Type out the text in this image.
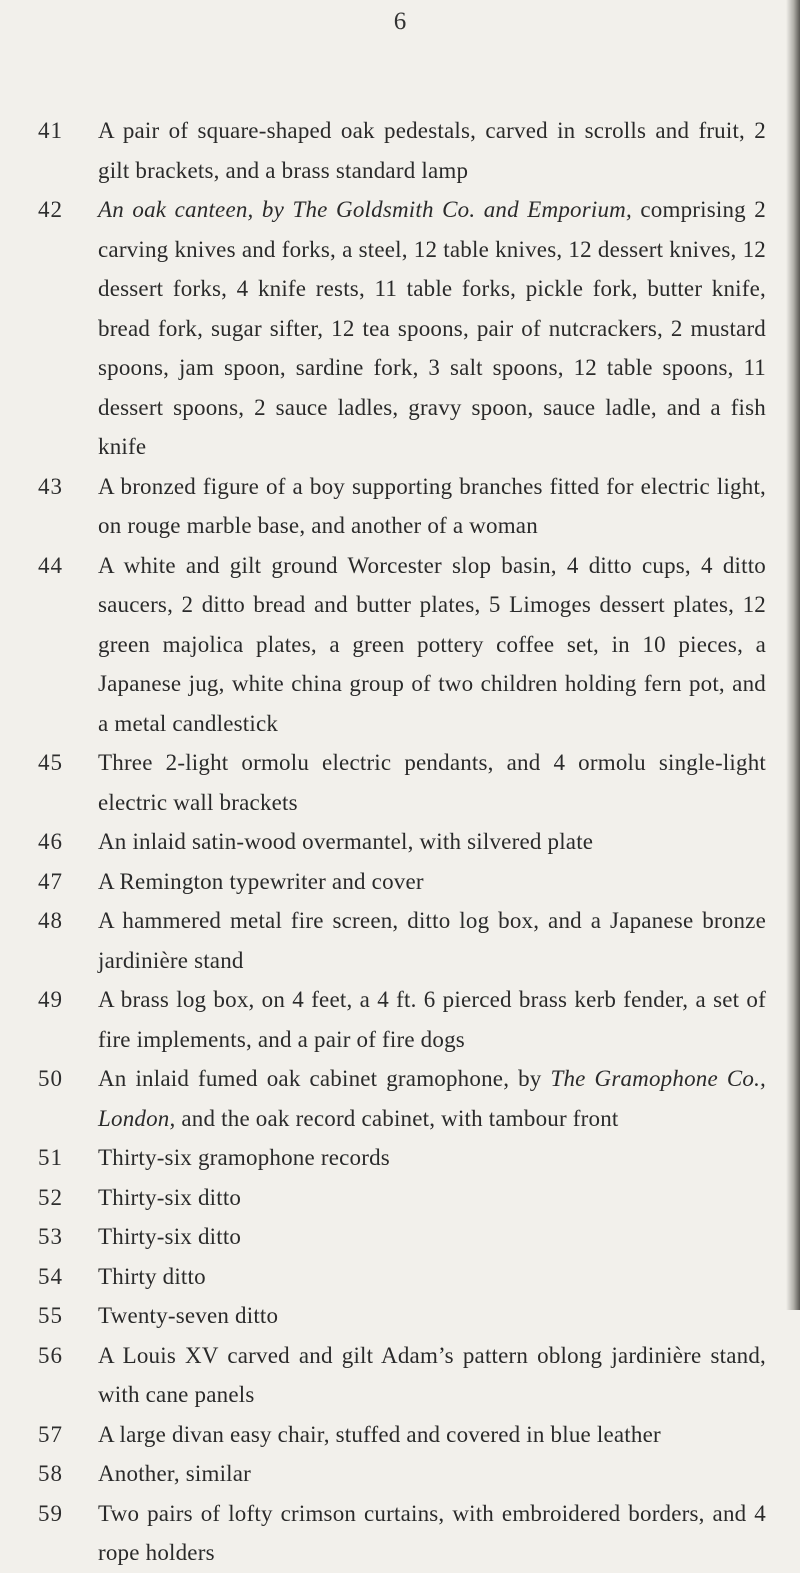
6
41	A pair of square-shaped oak pedestals, carved in scrolls and fruit, 2 gilt brackets, and a brass standard lamp
42	An oak canteen, by The Goldsmith Co. and Emporium, comprising 2 carving knives and forks, a steel, 12 table knives, 12 dessert knives, 12 dessert forks, 4 knife rests, 11 table forks, pickle fork, butter knife, bread fork, sugar sifter, 12 tea spoons, pair of nutcrackers, 2 mustard spoons, jam spoon, sardine fork, 3 salt spoons, 12 table spoons, 11 dessert spoons, 2 sauce ladles, gravy spoon, sauce ladle, and a fish knife
43	A bronzed figure of a boy supporting branches fitted for electric light, on rouge marble base, and another of a woman
44	A white and gilt ground Worcester slop basin, 4 ditto cups, 4 ditto saucers, 2 ditto bread and butter plates, 5 Limoges dessert plates, 12 green majolica plates, a green pottery coffee set, in 10 pieces, a Japanese jug, white china group of two children holding fern pot, and a metal candlestick
45	Three 2-light ormolu electric pendants, and 4 ormolu single-light electric wall brackets
46	An inlaid satin-wood overmantel, with silvered plate
47	A Remington typewriter and cover
48	A hammered metal fire screen, ditto log box, and a Japanese bronze jardinière stand
49	A brass log box, on 4 feet, a 4 ft. 6 pierced brass kerb fender, a set of fire implements, and a pair of fire dogs
50	An inlaid fumed oak cabinet gramophone, by The Gramophone Co., London, and the oak record cabinet, with tambour front
51	Thirty-six gramophone records
52	Thirty-six ditto
53	Thirty-six ditto
54	Thirty ditto
55	Twenty-seven ditto
56	A Louis XV carved and gilt Adam’s pattern oblong jardinière stand, with cane panels
57	A large divan easy chair, stuffed and covered in blue leather
58	Another, similar
59	Two pairs of lofty crimson curtains, with embroidered borders, and 4 rope holders
